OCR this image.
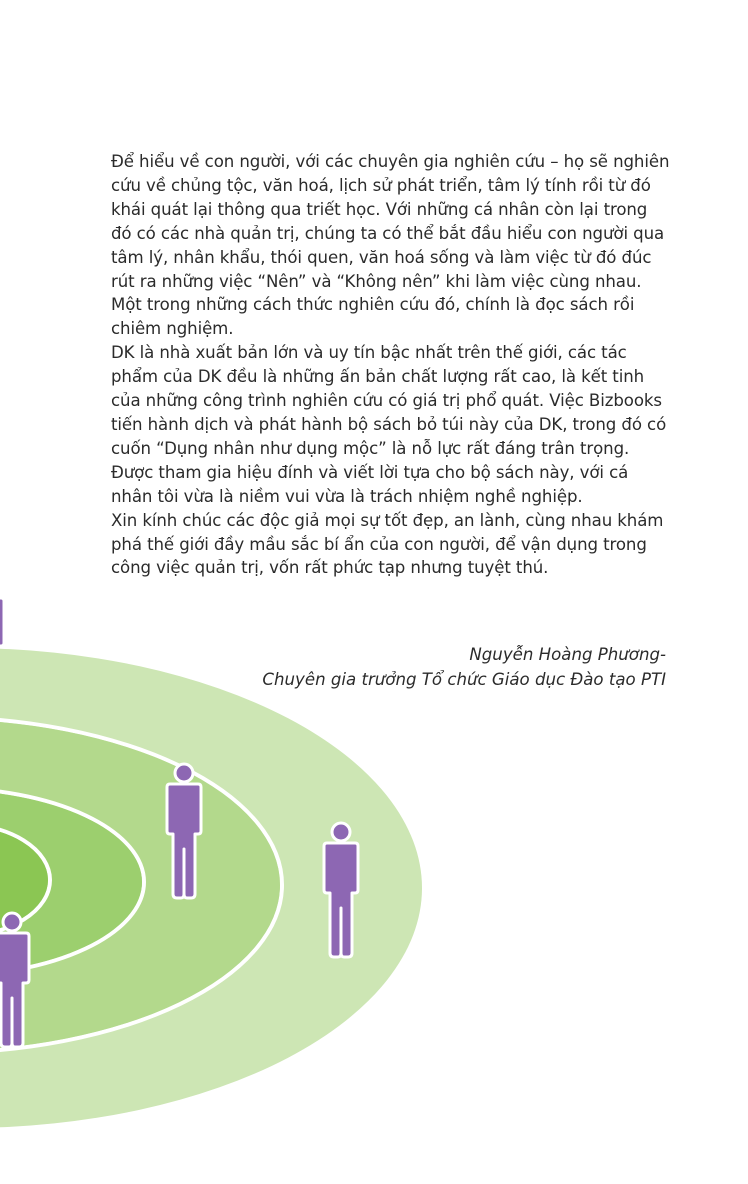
Để hiểu về con người, với các chuyên gia nghiên cứu – họ sẽ nghiên cứu về chủng tộc, văn hoá, lịch sử phát triển, tâm lý tính rồi từ đó khái quát lại thông qua triết học. Với những cá nhân còn lại trong đó có các nhà quản trị, chúng ta có thể bắt đầu hiểu con người qua tâm lý, nhân khẩu, thói quen, văn hoá sống và làm việc từ đó đúc rút ra những việc “Nên” và “Không nên” khi làm việc cùng nhau.

Một trong những cách thức nghiên cứu đó, chính là đọc sách rồi chiêm nghiệm.

DK là nhà xuất bản lớn và uy tín bậc nhất trên thế giới, các tác phẩm của DK đều là những ấn bản chất lượng rất cao, là kết tinh của những công trình nghiên cứu có giá trị phổ quát. Việc Bizbooks tiến hành dịch và phát hành bộ sách bỏ túi này của DK, trong đó có cuốn “Dụng nhân như dụng mộc” là nỗ lực rất đáng trân trọng. Được tham gia hiệu đính và viết lời tựa cho bộ sách này, với cá nhân tôi vừa là niềm vui vừa là trách nhiệm nghề nghiệp.

Xin kính chúc các độc giả mọi sự tốt đẹp, an lành, cùng nhau khám phá thế giới đầy mầu sắc bí ẩn của con người, để vận dụng trong công việc quản trị, vốn rất phức tạp nhưng tuyệt thú.

Nguyễn Hoàng Phương-
Chuyên gia trưởng Tổ chức Giáo dục Đào tạo PTI
